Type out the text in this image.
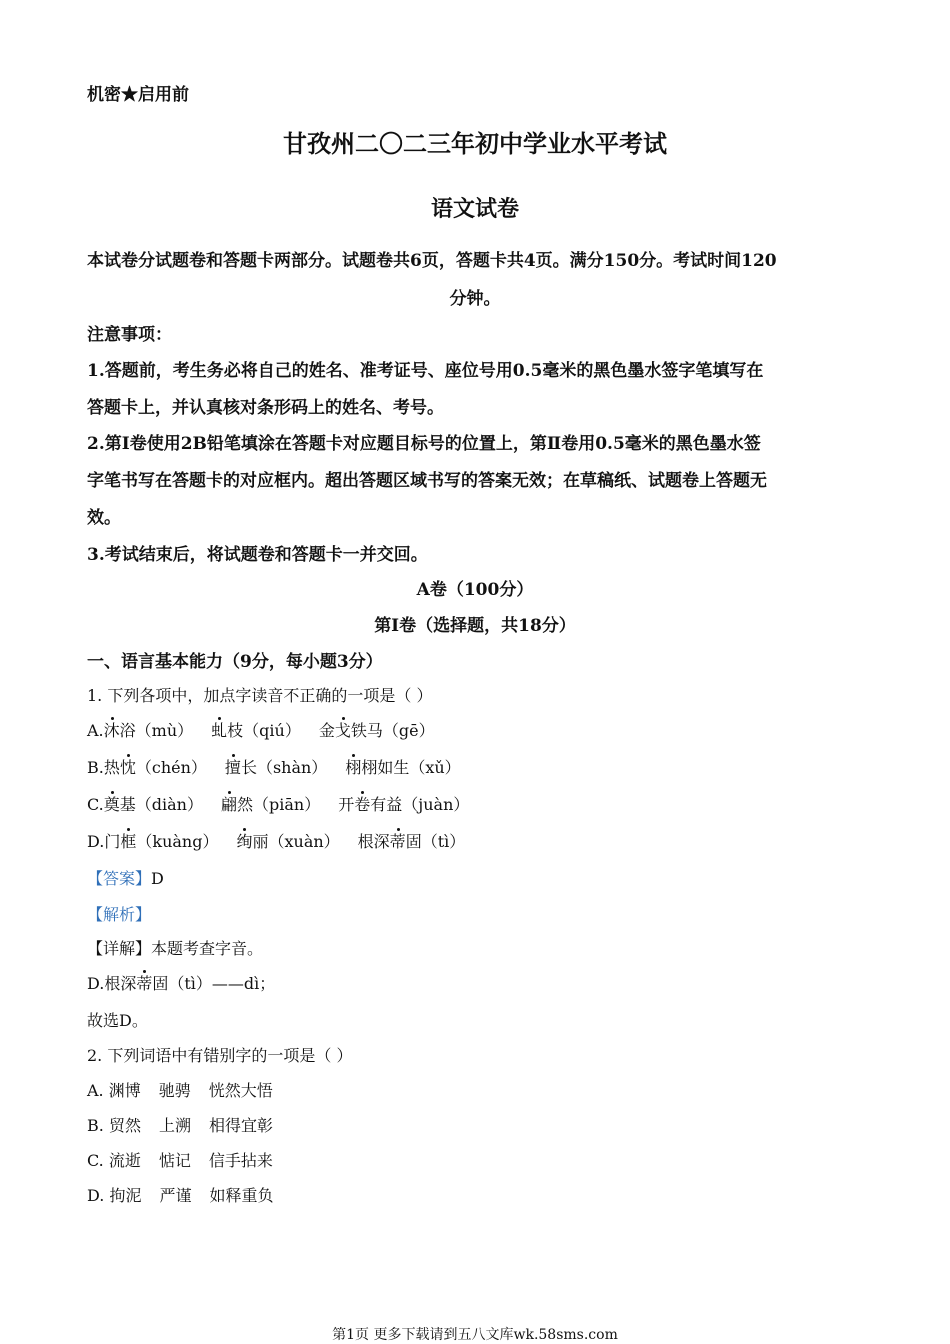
机密★启用前
甘孜州二〇二三年初中学业水平考试
语文试卷
本试卷分试题卷和答题卡两部分。试题卷共6页，答题卡共4页。满分150分。考试时间120
分钟。
注意事项：
1.答题前，考生务必将自己的姓名、准考证号、座位号用0.5毫米的黑色墨水签字笔填写在
答题卡上，并认真核对条形码上的姓名、考号。
2.第Ⅰ卷使用2B铅笔填涂在答题卡对应题目标号的位置上，第Ⅱ卷用0.5毫米的黑色墨水签
字笔书写在答题卡的对应框内。超出答题区域书写的答案无效；在草稿纸、试题卷上答题无
效。
3.考试结束后，将试题卷和答题卡一并交回。
A卷（100分）
第Ⅰ卷（选择题，共18分）
一、语言基本能力（9分，每小题3分）
1. 下列各项中，加点字读音不正确的一项是（ ）
A.沐浴（mù） 虬枝（qiú） 金戈铁马（gē）
B.热忱（chén） 擅长（shàn） 栩栩如生（xǔ）
C.奠基（diàn） 翩然（piān） 开卷有益（juàn）
D.门框（kuàng） 绚丽（xuàn） 根深蒂固（tì）
【答案】D
【解析】
【详解】本题考查字音。
D.根深蒂固（tì）——dì；
故选D。
2. 下列词语中有错别字的一项是（ ）
A. 渊博 驰骋 恍然大悟
B. 贸然 上溯 相得宜彰
C. 流逝 惦记 信手拈来
D. 拘泥 严谨 如释重负
第1页 更多下载请到五八文库wk.58sms.com
